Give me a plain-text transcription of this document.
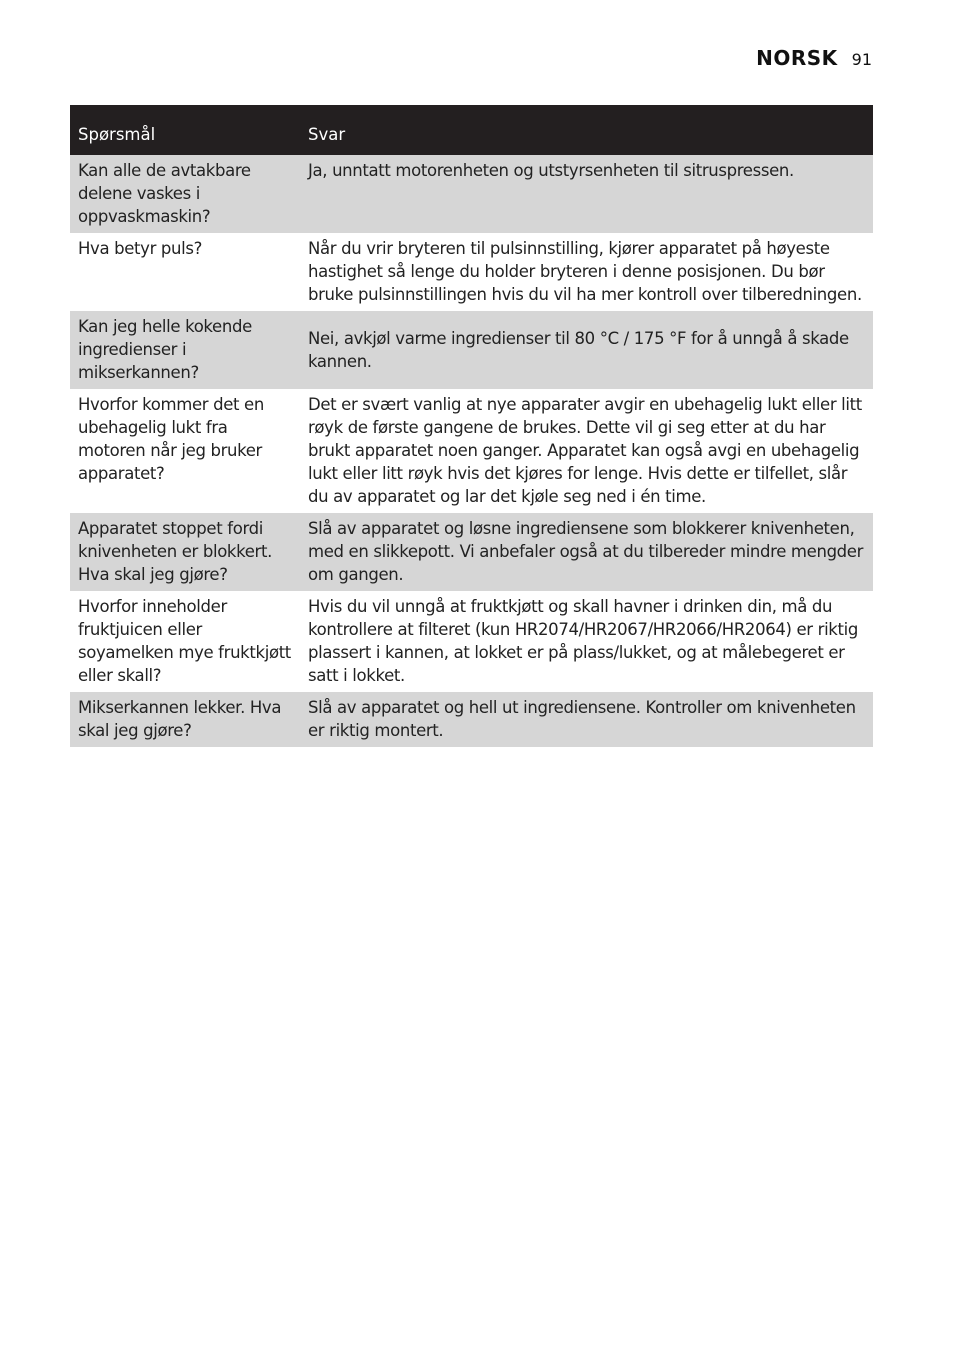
NORSK 91
Spørsmål	Svar
Kan alle de avtakbare delene vaskes i oppvaskmaskin?	Ja, unntatt motorenheten og utstyrsenheten til sitruspressen.
Hva betyr puls?	Når du vrir bryteren til pulsinnstilling, kjører apparatet på høyeste hastighet så lenge du holder bryteren i denne posisjonen. Du bør bruke pulsinnstillingen hvis du vil ha mer kontroll over tilberedningen.
Kan jeg helle kokende ingredienser i mikserkannen?	Nei, avkjøl varme ingredienser til 80 °C / 175 °F for å unngå å skade kannen.
Hvorfor kommer det en ubehagelig lukt fra motoren når jeg bruker apparatet?	Det er svært vanlig at nye apparater avgir en ubehagelig lukt eller litt røyk de første gangene de brukes. Dette vil gi seg etter at du har brukt apparatet noen ganger. Apparatet kan også avgi en ubehagelig lukt eller litt røyk hvis det kjøres for lenge. Hvis dette er tilfellet, slår du av apparatet og lar det kjøle seg ned i én time.
Apparatet stoppet fordi knivenheten er blokkert. Hva skal jeg gjøre?	Slå av apparatet og løsne ingrediensene som blokkerer knivenheten, med en slikkepott. Vi anbefaler også at du tilbereder mindre mengder om gangen.
Hvorfor inneholder fruktjuicen eller soyamelken mye fruktkjøtt eller skall?	Hvis du vil unngå at fruktkjøtt og skall havner i drinken din, må du kontrollere at filteret (kun HR2074/HR2067/HR2066/HR2064) er riktig plassert i kannen, at lokket er på plass/lukket, og at målebegeret er satt i lokket.
Mikserkannen lekker. Hva skal jeg gjøre?	Slå av apparatet og hell ut ingrediensene. Kontroller om knivenheten er riktig montert.
